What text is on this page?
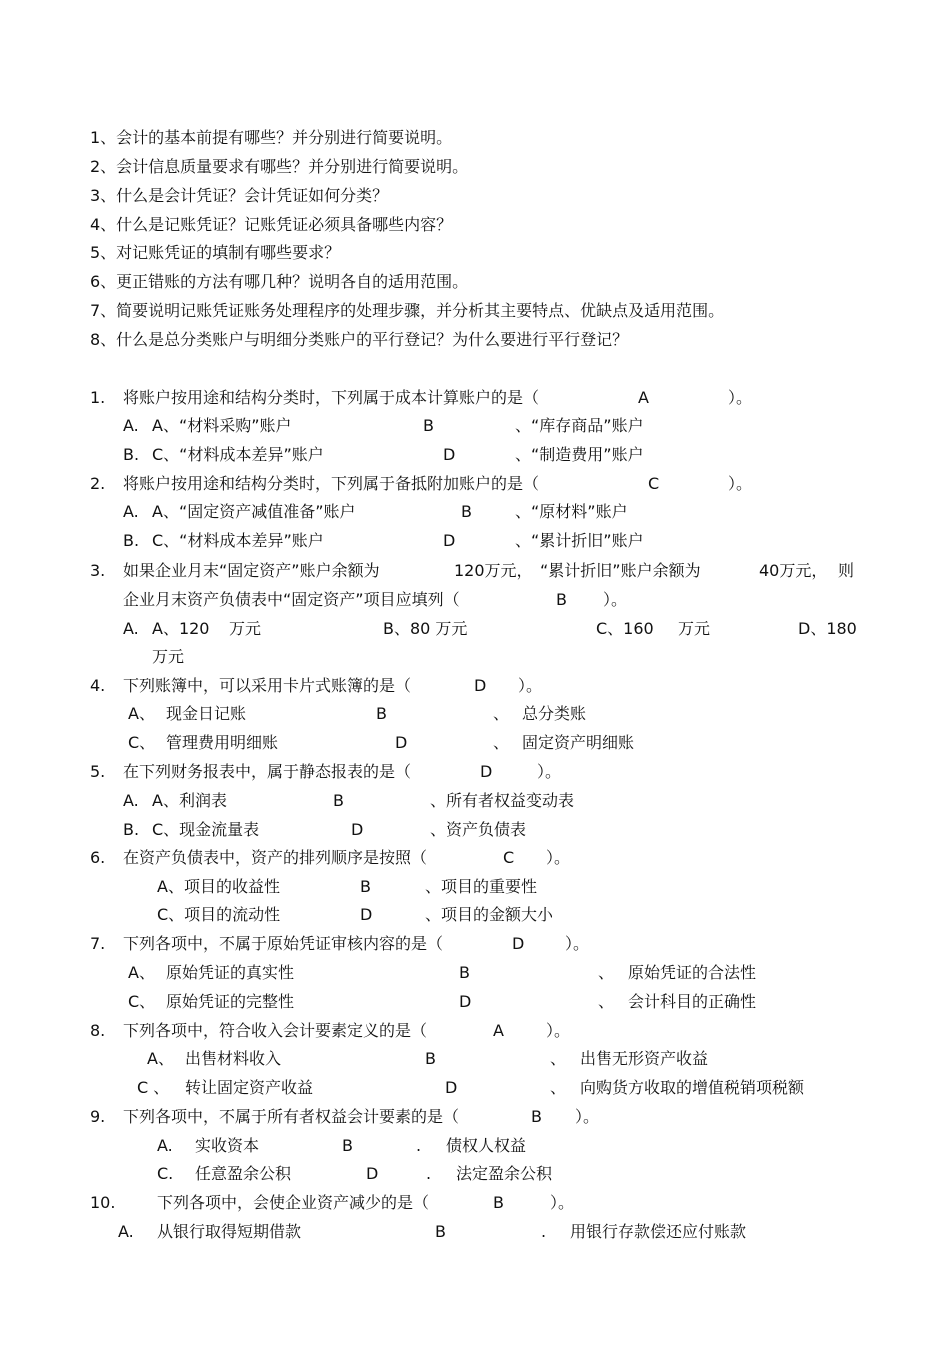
1、会计的基本前提有哪些？并分别进行简要说明。
2、会计信息质量要求有哪些？并分别进行简要说明。
3、什么是会计凭证？会计凭证如何分类？
4、什么是记账凭证？记账凭证必须具备哪些内容？
5、对记账凭证的填制有哪些要求？
6、更正错账的方法有哪几种？说明各自的适用范围。
7、简要说明记账凭证账务处理程序的处理步骤，并分析其主要特点、优缺点及适用范围。
8、什么是总分类账户与明细分类账户的平行登记？为什么要进行平行登记？
1. 将账户按用途和结构分类时，下列属于成本计算账户的是（	A	）。
A. A、“材料采购”账户	B	、“库存商品”账户
B. C、“材料成本差异”账户	D	、“制造费用”账户
2. 将账户按用途和结构分类时，下列属于备抵附加账户的是（	C	）。
A. A、“固定资产减值准备”账户	B	、“原材料”账户
B. C、“材料成本差异”账户	D	、“累计折旧”账户
3. 如果企业月末“固定资产”账户余额为	120万元， “累计折旧”账户余额为	40万元， 则
企业月末资产负债表中“固定资产”项目应填列（	B ）。
A. A、120 万元	B、80 万元	C、160 万元	D、180
万元
4. 下列账簿中，可以采用卡片式账簿的是（	D ）。
A、 现金日记账	B	、 总分类账
C、 管理费用明细账	D	、 固定资产明细账
5. 在下列财务报表中，属于静态报表的是（	D	）。
A. A、利润表	B	、所有者权益变动表
B. C、现金流量表	D	、资产负债表
6. 在资产负债表中，资产的排列顺序是按照（	C ）。
A、项目的收益性	B	、项目的重要性
C、项目的流动性	D	、项目的金额大小
7. 下列各项中，不属于原始凭证审核内容的是（	D	）。
A、 原始凭证的真实性	B	、 原始凭证的合法性
C、 原始凭证的完整性	D	、 会计科目的正确性
8. 下列各项中，符合收入会计要素定义的是（	A	）。
A、 出售材料收入	B	、 出售无形资产收益
C 、 转让固定资产收益	D	、 向购货方收取的增值税销项税额
9. 下列各项中，不属于所有者权益会计要素的是（	B ）。
A. 实收资本	B	. 债权人权益
C. 任意盈余公积	D	. 法定盈余公积
10.	下列各项中，会使企业资产减少的是（	B	）。
A. 从银行取得短期借款	B	. 用银行存款偿还应付账款
